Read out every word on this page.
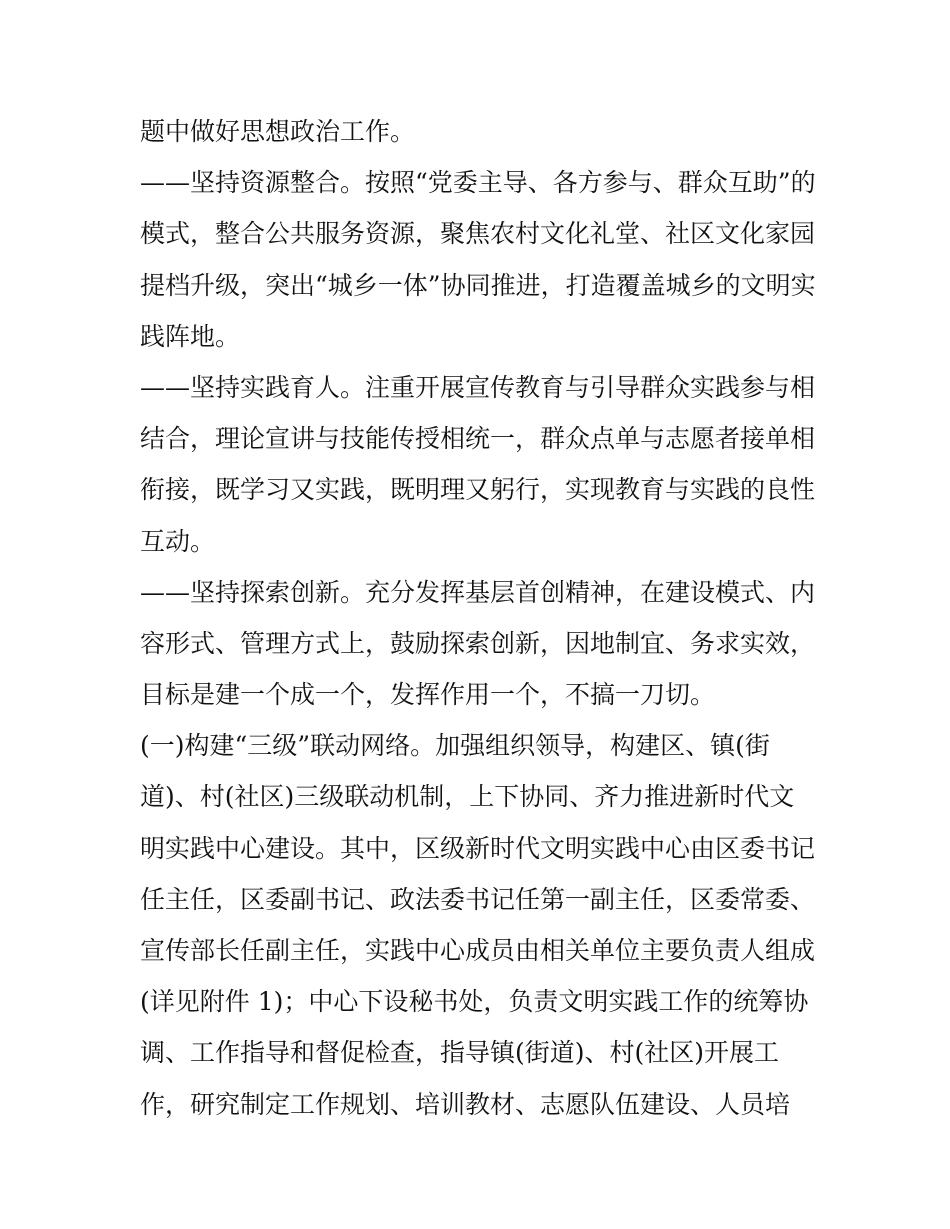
题中做好思想政治工作。

——坚持资源整合。按照“党委主导、各方参与、群众互助”的

模式，整合公共服务资源，聚焦农村文化礼堂、社区文化家园

提档升级，突出“城乡一体”协同推进，打造覆盖城乡的文明实

践阵地。

——坚持实践育人。注重开展宣传教育与引导群众实践参与相

结合，理论宣讲与技能传授相统一，群众点单与志愿者接单相

衔接，既学习又实践，既明理又躬行，实现教育与实践的良性

互动。

——坚持探索创新。充分发挥基层首创精神，在建设模式、内

容形式、管理方式上，鼓励探索创新，因地制宜、务求实效，

目标是建一个成一个，发挥作用一个，不搞一刀切。

(一)构建“三级”联动网络。加强组织领导，构建区、镇(街

道)、村(社区)三级联动机制，上下协同、齐力推进新时代文

明实践中心建设。其中，区级新时代文明实践中心由区委书记

任主任，区委副书记、政法委书记任第一副主任，区委常委、

宣传部长任副主任，实践中心成员由相关单位主要负责人组成

(详见附件 1)；中心下设秘书处，负责文明实践工作的统筹协

调、工作指导和督促检查，指导镇(街道)、村(社区)开展工

作，研究制定工作规划、培训教材、志愿队伍建设、人员培
